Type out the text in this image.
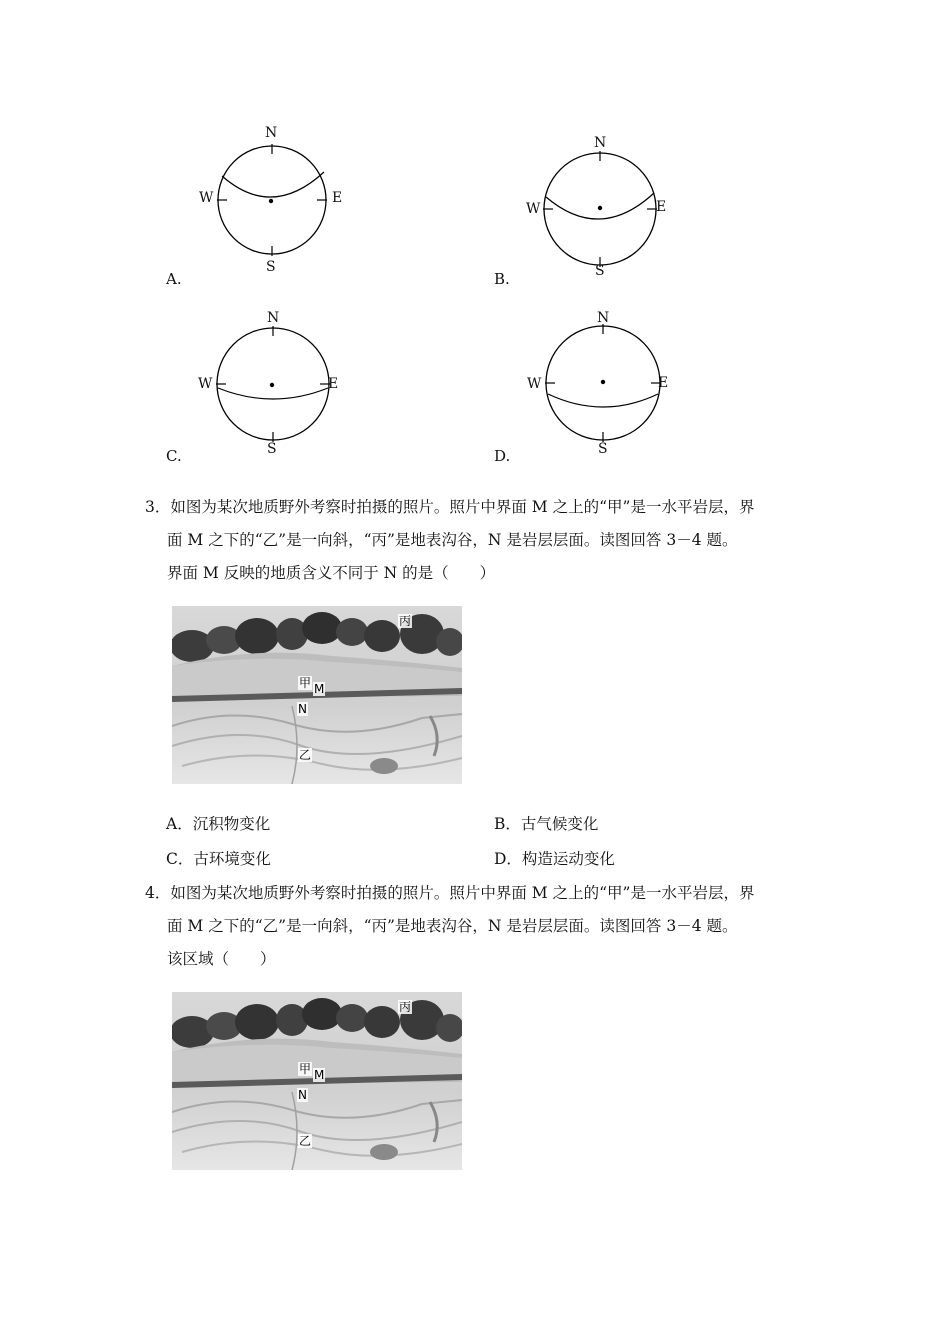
N
S
W	E
A.
N
S
W	E
B.
N
S
W	E
C.
N
S
W	E
D.
3．如图为某次地质野外考察时拍摄的照片。照片中界面 M 之上的“甲”是一水平岩层，界
面 M 之下的“乙”是一向斜，“丙”是地表沟谷，N 是岩层层面。读图回答 3－4 题。
界面 M 反映的地质含义不同于 N 的是（　　）
丙
甲 M
N
乙
A．沉积物变化	B．古气候变化
C．古环境变化	D．构造运动变化
4．如图为某次地质野外考察时拍摄的照片。照片中界面 M 之上的“甲”是一水平岩层，界
面 M 之下的“乙”是一向斜，“丙”是地表沟谷，N 是岩层层面。读图回答 3－4 题。
该区域（　　）
丙
甲 M
N
乙
